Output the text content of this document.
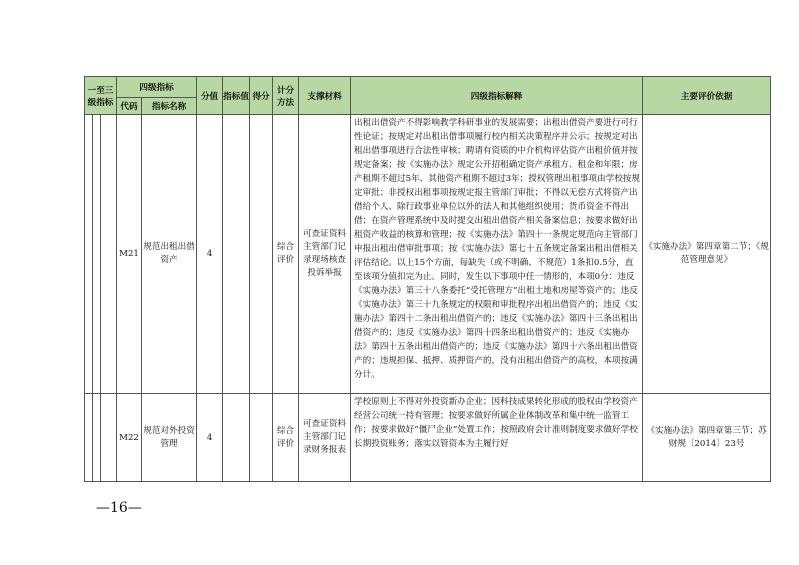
一至三级指标			四级指标		分值	指标值	得分	计分方法	支撑材料	四级指标解释	主要评价依据
			代码	指标名称							

			M21	规范出租出借资产	4			综合评价	可查证资料主管部门记录现场核查投诉举报	出租出借资产不得影响教学科研事业的发展需要；出租出借资产要进行可行性论证；按规定对出租出借事项履行校内相关决策程序并公示；按规定对出租出借事项进行合法性审核；聘请有资质的中介机构评估资产出租价值并按规定备案；按《实施办法》规定公开招租确定资产承租方、租金和年限；房产租期不超过5年、其他资产租期不超过3年；授权管理出租事项由学校按规定审批；非授权出租事项按规定报主管部门审批；不得以无偿方式将资产出借给个人、除行政事业单位以外的法人和其他组织使用；货币资金不得出借；在资产管理系统中及时提交出租出借资产相关备案信息；按要求做好出租资产收益的核算和管理；按《实施办法》第四十一条规定规范向主管部门申报出租出借审批事项；按《实施办法》第七十五条规定备案出租出借相关评估结论。以上15个方面，每缺失（或不明确、不规范）1条扣0.5分，直至该项分值扣完为止。同时，发生以下事项中任一情形的，本项0分：违反《实施办法》第三十八条委托“受托管理方”出租土地和房屋等资产的；违反《实施办法》第三十九条规定的权限和审批程序出租出借资产的；违反《实施办法》第四十二条出租出借资产的；违反《实施办法》第四十三条出租出借资产的；违反《实施办法》第四十四条出租出借资产的；违反《实施办法》第四十五条出租出借资产的；违反《实施办法》第四十六条出租出借资产的；违规担保、抵押、质押资产的，没有出租出借资产的高校，本项按满分计。	《实施办法》第四章第二节；《规范管理意见》
			M22	规范对外投资管理	4			综合评价	可查证资料主管部门记录财务报表	学校原则上不得对外投资新办企业；因科技成果转化形成的股权由学校资产经营公司统一持有管理；按要求做好所属企业体制改革和集中统一监管工作；按要求做好“僵尸企业”处置工作；按照政府会计准则制度要求做好学校长期投资账务；落实以管资本为主履行好	《实施办法》第四章第三节；苏财规〔2014〕23号
—16—
